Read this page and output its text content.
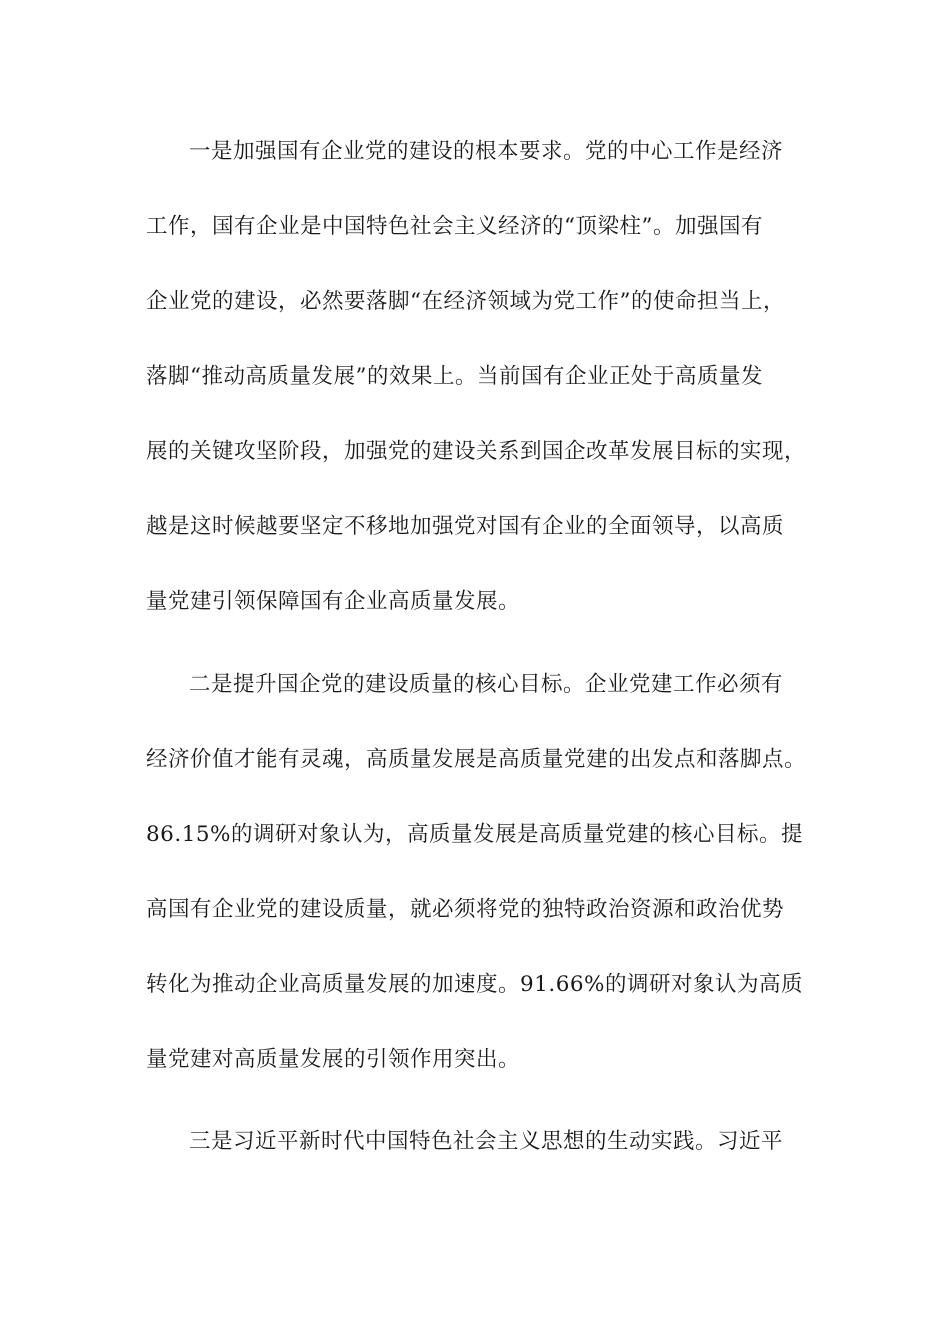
一是加强国有企业党的建设的根本要求。党的中心工作是经济
工作，国有企业是中国特色社会主义经济的“顶梁柱”。加强国有
企业党的建设，必然要落脚“在经济领域为党工作”的使命担当上，
落脚“推动高质量发展”的效果上。当前国有企业正处于高质量发
展的关键攻坚阶段，加强党的建设关系到国企改革发展目标的实现，
越是这时候越要坚定不移地加强党对国有企业的全面领导，以高质
量党建引领保障国有企业高质量发展。
二是提升国企党的建设质量的核心目标。企业党建工作必须有
经济价值才能有灵魂，高质量发展是高质量党建的出发点和落脚点。
86.15%的调研对象认为，高质量发展是高质量党建的核心目标。提
高国有企业党的建设质量，就必须将党的独特政治资源和政治优势
转化为推动企业高质量发展的加速度。91.66%的调研对象认为高质
量党建对高质量发展的引领作用突出。
三是习近平新时代中国特色社会主义思想的生动实践。习近平
